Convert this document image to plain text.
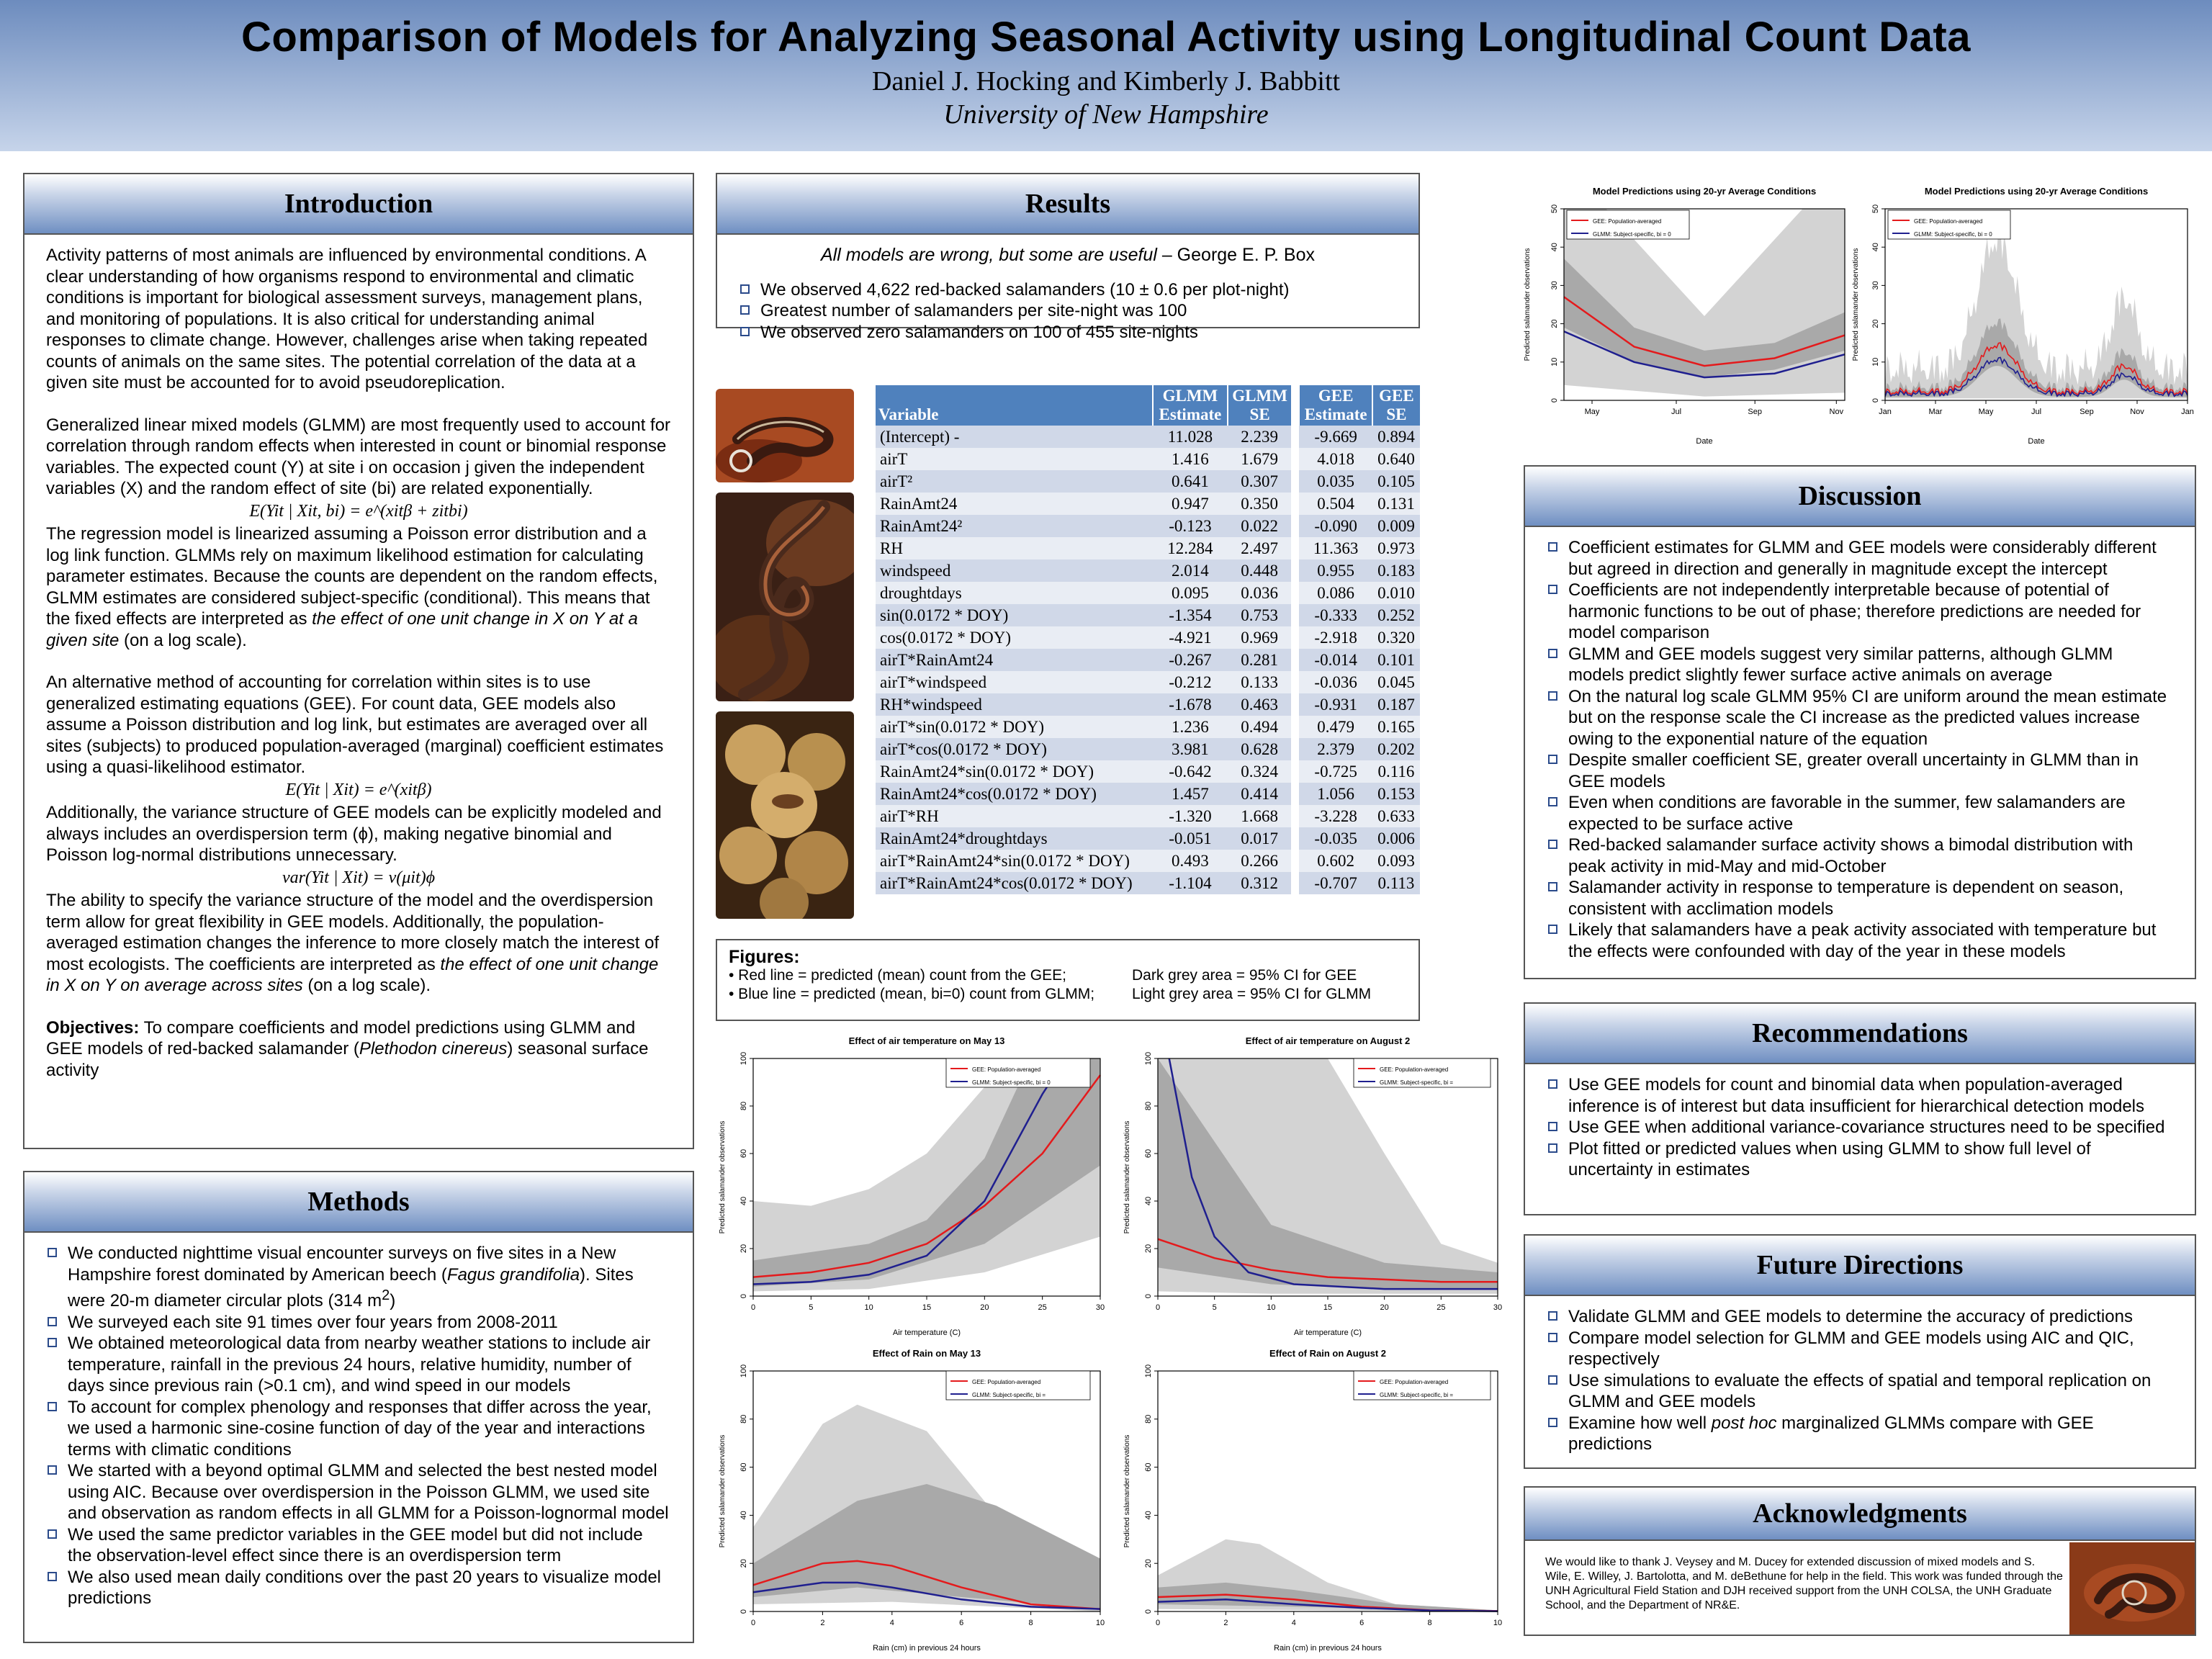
Comparison of Models for Analyzing Seasonal Activity using Longitudinal Count Data
Daniel J. Hocking and Kimberly J. Babbitt
University of New Hampshire
Introduction

Activity patterns of most animals are influenced by environmental conditions. A clear understanding of how organisms respond to environmental and climatic conditions is important for biological assessment surveys, management plans, and monitoring of populations. It is also critical for understanding animal responses to climate change. However, challenges arise when taking repeated counts of animals on the same sites. The potential correlation of the data at a given site must be accounted for to avoid pseudoreplication.

Generalized linear mixed models (GLMM) are most frequently used to account for correlation through random effects when interested in count or binomial response variables. The expected count (Y) at site i on occasion j given the independent variables (X) and the random effect of site (bi) are related exponentially.
E(Yit | Xit, bi) = e^(xitβ + zitbi)

The regression model is linearized assuming a Poisson error distribution and a log link function. GLMMs rely on maximum likelihood estimation for calculating parameter estimates. Because the counts are dependent on the random effects, GLMM estimates are considered subject-specific (conditional). This means that the fixed effects are interpreted as the effect of one unit change in X on Y at a given site (on a log scale).

An alternative method of accounting for correlation within sites is to use generalized estimating equations (GEE). For count data, GEE models also assume a Poisson distribution and log link, but estimates are averaged over all sites (subjects) to produced population-averaged (marginal) coefficient estimates using a quasi-likelihood estimator.
E(Yit | Xit) = e^(xitβ)
Additionally, the variance structure of GEE models can be explicitly modeled and always includes an overdispersion term (ϕ), making negative binomial and Poisson log-normal distributions unnecessary.
var(Yit | Xit) = v(μit)ϕ

The ability to specify the variance structure of the model and the overdispersion term allow for great flexibility in GEE models. Additionally, the population-averaged estimation changes the inference to more closely match the interest of most ecologists. The coefficients are interpreted as the effect of one unit change in X on Y on average across sites (on a log scale).

Objectives: To compare coefficients and model predictions using GLMM and GEE models of red-backed salamander (Plethodon cinereus) seasonal surface activity
Methods
We conducted nighttime visual encounter surveys on five sites in a New Hampshire forest dominated by American beech (Fagus grandifolia). Sites were 20-m diameter circular plots (314 $m^2$)
We surveyed each site 91 times over four years from 2008-2011
We obtained meteorological data from nearby weather stations to include air temperature, rainfall in the previous 24 hours, relative humidity, number of days since previous rain (>0.1 cm), and wind speed in our models
To account for complex phenology and responses that differ across the year, we used a harmonic sine-cosine function of day of the year and interactions terms with climatic conditions
We started with a beyond optimal GLMM and selected the best nested model using AIC. Because over overdispersion in the Poisson GLMM, we used site and observation as random effects in all GLMM for a Poisson-lognormal model
We used the same predictor variables in the GEE model but did not include the observation-level effect since there is an overdispersion term
We also used mean daily conditions over the past 20 years to visualize model predictions
Results
All models are wrong, but some are useful – George E. P. Box
We observed 4,622 red-backed salamanders (10 ± 0.6 per plot-night)
Greatest number of salamanders per site-night was 100
We observed zero salamanders on 100 of 455 site-nights
Variable	GLMM Estimate	GLMM SE		GEE Estimate	GEE SE
(Intercept) -	11.028	2.239		-9.669	0.894
airT	1.416	1.679		4.018	0.640
airT²	0.641	0.307		0.035	0.105
RainAmt24	0.947	0.350		0.504	0.131
RainAmt24²	-0.123	0.022		-0.090	0.009
RH	12.284	2.497		11.363	0.973
windspeed	2.014	0.448		0.955	0.183
droughtdays	0.095	0.036		0.086	0.010
sin(0.0172 * DOY)	-1.354	0.753		-0.333	0.252
cos(0.0172 * DOY)	-4.921	0.969		-2.918	0.320
airT*RainAmt24	-0.267	0.281		-0.014	0.101
airT*windspeed	-0.212	0.133		-0.036	0.045
RH*windspeed	-1.678	0.463		-0.931	0.187
airT*sin(0.0172 * DOY)	1.236	0.494		0.479	0.165
airT*cos(0.0172 * DOY)	3.981	0.628		2.379	0.202
RainAmt24*sin(0.0172 * DOY)	-0.642	0.324		-0.725	0.116
RainAmt24*cos(0.0172 * DOY)	1.457	0.414		1.056	0.153
airT*RH	-1.320	1.668		-3.228	0.633
RainAmt24*droughtdays	-0.051	0.017		-0.035	0.006
airT*RainAmt24*sin(0.0172 * DOY)	0.493	0.266		0.602	0.093
airT*RainAmt24*cos(0.0172 * DOY)	-1.104	0.312		-0.707	0.113
Figures:
• Red line = predicted (mean) count from the GEE;	Dark grey area = 95% CI for GEE
• Blue line = predicted (mean, bi=0) count from GLMM;	Light grey area = 95% CI for GLMM
Effect of air temperature on May 13
0
20
40
60
80
100
0	5	10	15	20	25	30
Air temperature (C)
Predicted salamander observations
GEE: Population-averaged
GLMM: Subject-specific, bi = 0
Effect of air temperature on August 2
0
20
40
60
80
100
0	5	10	15	20	25	30
Air temperature (C)
Predicted salamander observations
GEE: Population-averaged
GLMM: Subject-specific, bi =
Effect of Rain on May 13
0
20
40
60
80
100
0	2	4	6	8	10
Rain (cm) in previous 24 hours
Predicted salamander observations
GEE: Population-averaged
GLMM: Subject-specific, bi =
Effect of Rain on August 2
0
20
40
60
80
100
0	2	4	6	8	10
Rain (cm) in previous 24 hours
Predicted salamander observations
GEE: Population-averaged
GLMM: Subject-specific, bi =
Model Predictions using 20-yr Average Conditions
0
10
20
30
40
50
May	Jul	Sep	Nov
Date
Predicted salamander observations
GEE: Population-averaged
GLMM: Subject-specific, bi = 0
Model Predictions using 20-yr Average Conditions
0
10
20
30
40
50
Jan	Mar	May	Jul	Sep	Nov	Jan
Date
Predicted salamander observations
GEE: Population-averaged
GLMM: Subject-specific, bi = 0
Discussion
Coefficient estimates for GLMM and GEE models were considerably different but agreed in direction and generally in magnitude except the intercept
Coefficients are not independently interpretable because of potential of harmonic functions to be out of phase; therefore predictions are needed for model comparison
GLMM and GEE models suggest very similar patterns, although GLMM models predict slightly fewer surface active animals on average
On the natural log scale GLMM 95% CI are uniform around the mean estimate but on the response scale the CI increase as the predicted values increase owing to the exponential nature of the equation
Despite smaller coefficient SE, greater overall uncertainty in GLMM than in GEE models
Even when conditions are favorable in the summer, few salamanders are expected to be surface active
Red-backed salamander surface activity shows a bimodal distribution with peak activity in mid-May and mid-October
Salamander activity in response to temperature is dependent on season, consistent with acclimation models
Likely that salamanders have a peak activity associated with temperature but the effects were confounded with day of the year in these models
Recommendations
Use GEE models for count and binomial data when population-averaged inference is of interest but data insufficient for hierarchical detection models
Use GEE when additional variance-covariance structures need to be specified
Plot fitted or predicted values when using GLMM to show full level of uncertainty in estimates
Future Directions
Validate GLMM and GEE models to determine the accuracy of predictions
Compare model selection for GLMM and GEE models using AIC and QIC, respectively
Use simulations to evaluate the effects of spatial and temporal replication on GLMM and GEE models
Examine how well post hoc marginalized GLMMs compare with GEE predictions
Acknowledgments
We would like to thank J. Veysey and M. Ducey for extended discussion of mixed models and S. Wile, E. Willey, J. Bartolotta, and M. deBethune for help in the field. This work was funded through the UNH Agricultural Field Station and DJH received support from the UNH COLSA, the UNH Graduate School, and the Department of NR&E.
